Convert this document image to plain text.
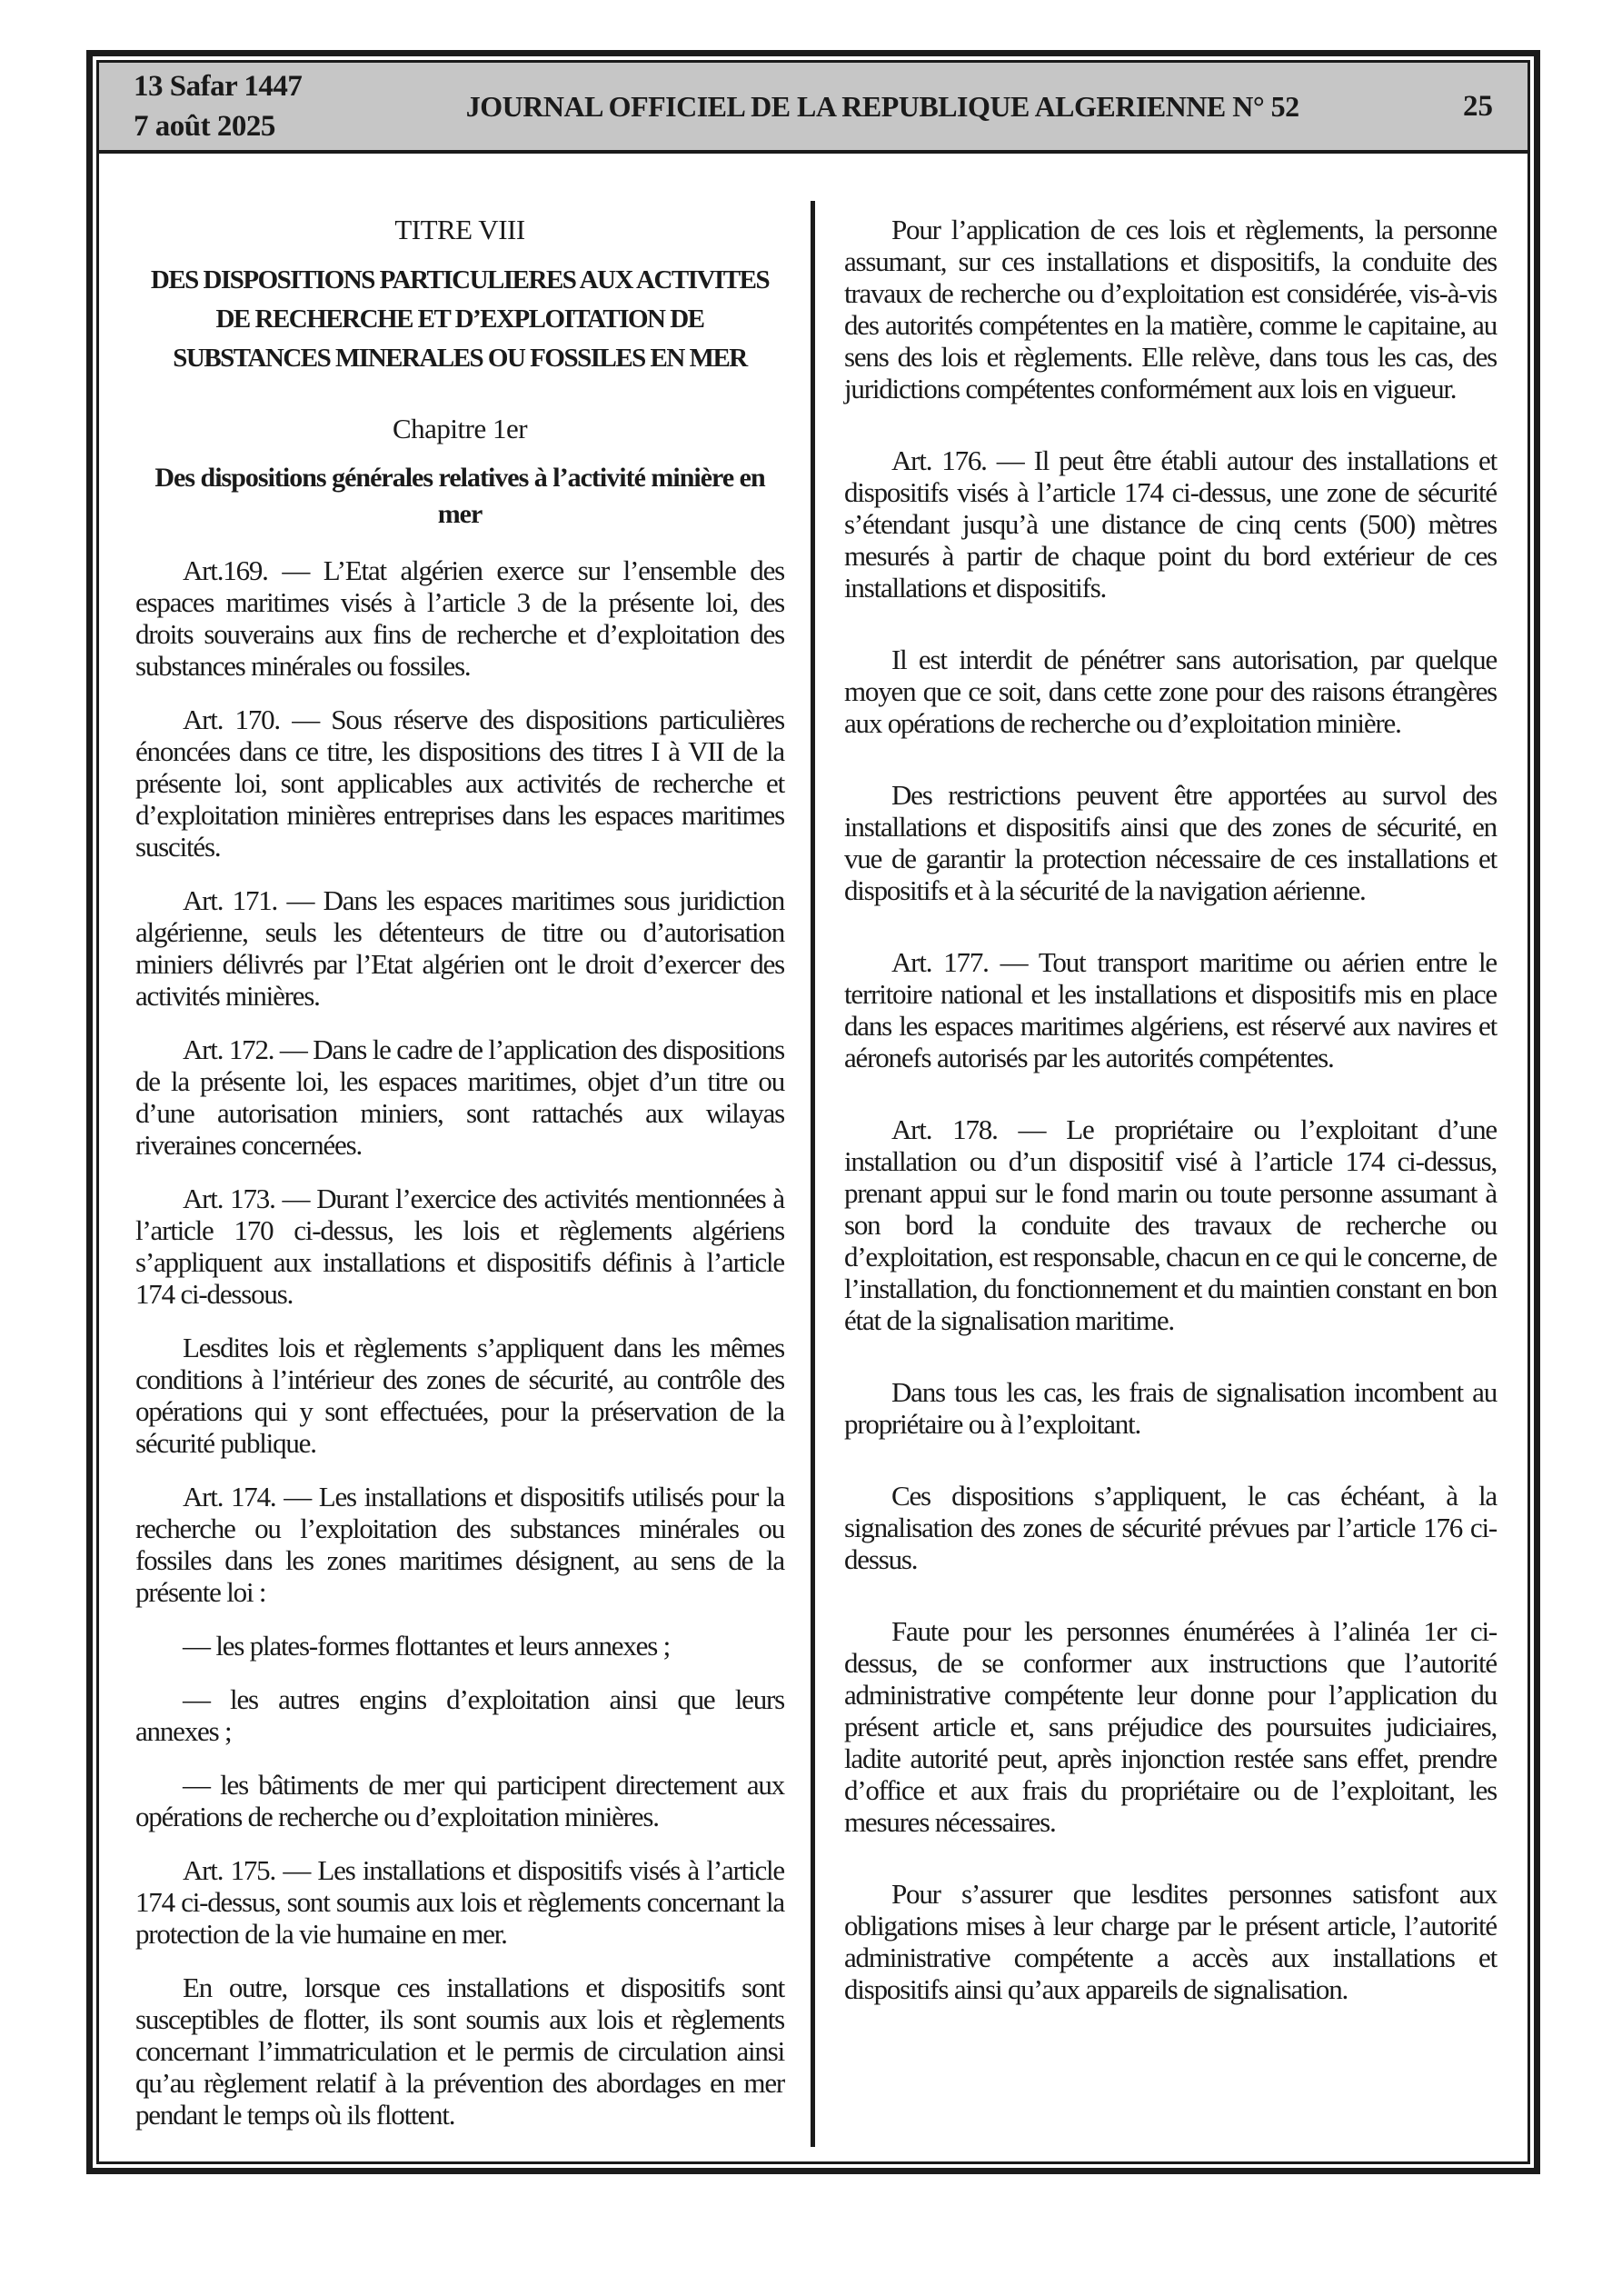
13 Safar 1447
7 août 2025
JOURNAL OFFICIEL DE LA REPUBLIQUE ALGERIENNE N° 52	25
TITRE VIII
DES DISPOSITIONS PARTICULIERES AUX ACTIVITES DE RECHERCHE ET D’EXPLOITATION DE SUBSTANCES MINERALES OU FOSSILES EN MER
Chapitre 1er
Des dispositions générales relatives à l’activité minière en mer

Art.169. — L’Etat algérien exerce sur l’ensemble des espaces maritimes visés à l’article 3 de la présente loi, des droits souverains aux fins de recherche et d’exploitation des substances minérales ou fossiles.

Art. 170. — Sous réserve des dispositions particulières énoncées dans ce titre, les dispositions des titres I à VII de la présente loi, sont applicables aux activités de recherche et d’exploitation minières entreprises dans les espaces maritimes suscités.

Art. 171. — Dans les espaces maritimes sous juridiction algérienne, seuls les détenteurs de titre ou d’autorisation miniers délivrés par l’Etat algérien ont le droit d’exercer des activités minières.

Art. 172. — Dans le cadre de l’application des dispositions de la présente loi, les espaces maritimes, objet d’un titre ou d’une autorisation miniers, sont rattachés aux wilayas riveraines concernées.

Art. 173. — Durant l’exercice des activités mentionnées à l’article 170 ci-dessus, les lois et règlements algériens s’appliquent aux installations et dispositifs définis à l’article 174 ci-dessous.

Lesdites lois et règlements s’appliquent dans les mêmes conditions à l’intérieur des zones de sécurité, au contrôle des opérations qui y sont effectuées, pour la préservation de la sécurité publique.

Art. 174. — Les installations et dispositifs utilisés pour la recherche ou l’exploitation des substances minérales ou fossiles dans les zones maritimes désignent, au sens de la présente loi :

— les plates-formes flottantes et leurs annexes ;

— les autres engins d’exploitation ainsi que leurs annexes ;

— les bâtiments de mer qui participent directement aux opérations de recherche ou d’exploitation minières.

Art. 175. — Les installations et dispositifs visés à l’article 174 ci-dessus, sont soumis aux lois et règlements concernant la protection de la vie humaine en mer.

En outre, lorsque ces installations et dispositifs sont susceptibles de flotter, ils sont soumis aux lois et règlements concernant l’immatriculation et le permis de circulation ainsi qu’au règlement relatif à la prévention des abordages en mer pendant le temps où ils flottent.

Pour l’application de ces lois et règlements, la personne assumant, sur ces installations et dispositifs, la conduite des travaux de recherche ou d’exploitation est considérée, vis-à-vis des autorités compétentes en la matière, comme le capitaine, au sens des lois et règlements. Elle relève, dans tous les cas, des juridictions compétentes conformément aux lois en vigueur.

Art. 176. — Il peut être établi autour des installations et dispositifs visés à l’article 174 ci-dessus, une zone de sécurité s’étendant jusqu’à une distance de cinq cents (500) mètres mesurés à partir de chaque point du bord extérieur de ces installations et dispositifs.

Il est interdit de pénétrer sans autorisation, par quelque moyen que ce soit, dans cette zone pour des raisons étrangères aux opérations de recherche ou d’exploitation minière.

Des restrictions peuvent être apportées au survol des installations et dispositifs ainsi que des zones de sécurité, en vue de garantir la protection nécessaire de ces installations et dispositifs et à la sécurité de la navigation aérienne.

Art. 177. — Tout transport maritime ou aérien entre le territoire national et les installations et dispositifs mis en place dans les espaces maritimes algériens, est réservé aux navires et aéronefs autorisés par les autorités compétentes.

Art. 178. — Le propriétaire ou l’exploitant d’une installation ou d’un dispositif visé à l’article 174 ci-dessus, prenant appui sur le fond marin ou toute personne assumant à son bord la conduite des travaux de recherche ou d’exploitation, est responsable, chacun en ce qui le concerne, de l’installation, du fonctionnement et du maintien constant en bon état de la signalisation maritime.

Dans tous les cas, les frais de signalisation incombent au propriétaire ou à l’exploitant.

Ces dispositions s’appliquent, le cas échéant, à la signalisation des zones de sécurité prévues par l’article 176 ci-dessus.

Faute pour les personnes énumérées à l’alinéa 1er ci-dessus, de se conformer aux instructions que l’autorité administrative compétente leur donne pour l’application du présent article et, sans préjudice des poursuites judiciaires, ladite autorité peut, après injonction restée sans effet, prendre d’office et aux frais du propriétaire ou de l’exploitant, les mesures nécessaires.

Pour s’assurer que lesdites personnes satisfont aux obligations mises à leur charge par le présent article, l’autorité administrative compétente a accès aux installations et dispositifs ainsi qu’aux appareils de signalisation.
